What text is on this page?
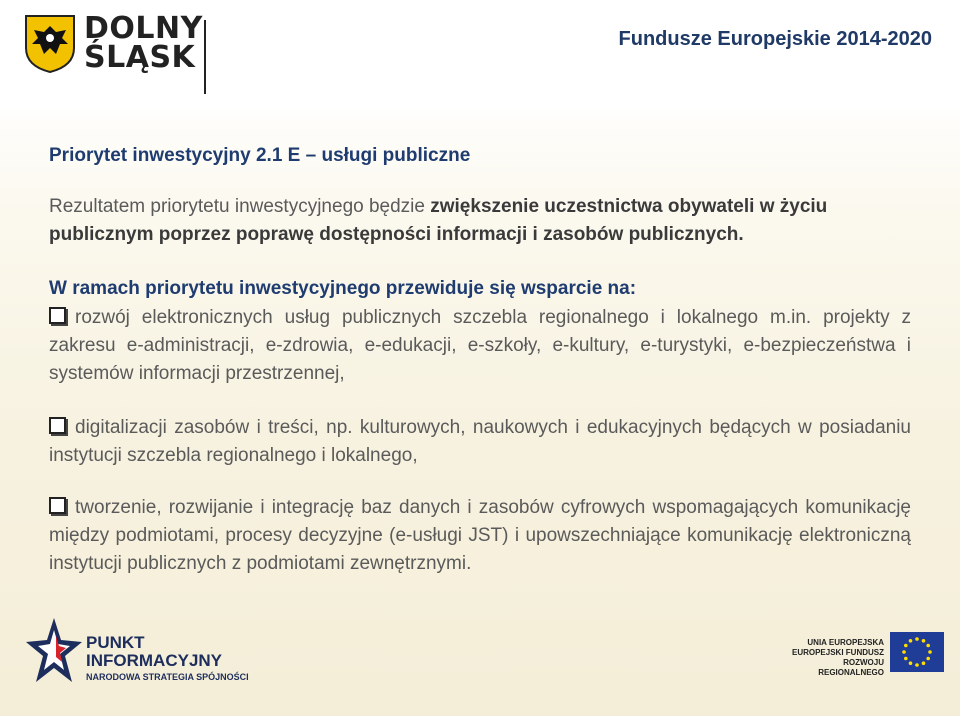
DOLNY
ŚLĄSK
Fundusze Europejskie 2014-2020
Priorytet inwestycyjny 2.1 E – usługi publiczne
Rezultatem priorytetu inwestycyjnego będzie zwiększenie uczestnictwa obywateli w życiu publicznym poprzez poprawę dostępności informacji i zasobów publicznych.
W ramach priorytetu inwestycyjnego przewiduje się wsparcie na:
rozwój elektronicznych usług publicznych szczebla regionalnego i lokalnego m.in. projekty z zakresu e-administracji, e-zdrowia, e-edukacji, e-szkoły, e-kultury, e-turystyki, e-bezpieczeństwa i systemów informacji przestrzennej,
digitalizacji zasobów i treści, np. kulturowych, naukowych i edukacyjnych będących w posiadaniu instytucji szczebla regionalnego i lokalnego,
tworzenie, rozwijanie i integrację baz danych i zasobów cyfrowych wspomagających komunikację między podmiotami, procesy decyzyjne (e-usługi JST) i upowszechniające komunikację elektroniczną instytucji publicznych z podmiotami zewnętrznymi.
PUNKT
INFORMACYJNY
NARODOWA STRATEGIA SPÓJNOŚCI
UNIA EUROPEJSKA
EUROPEJSKI FUNDUSZ
ROZWOJU REGIONALNEGO
